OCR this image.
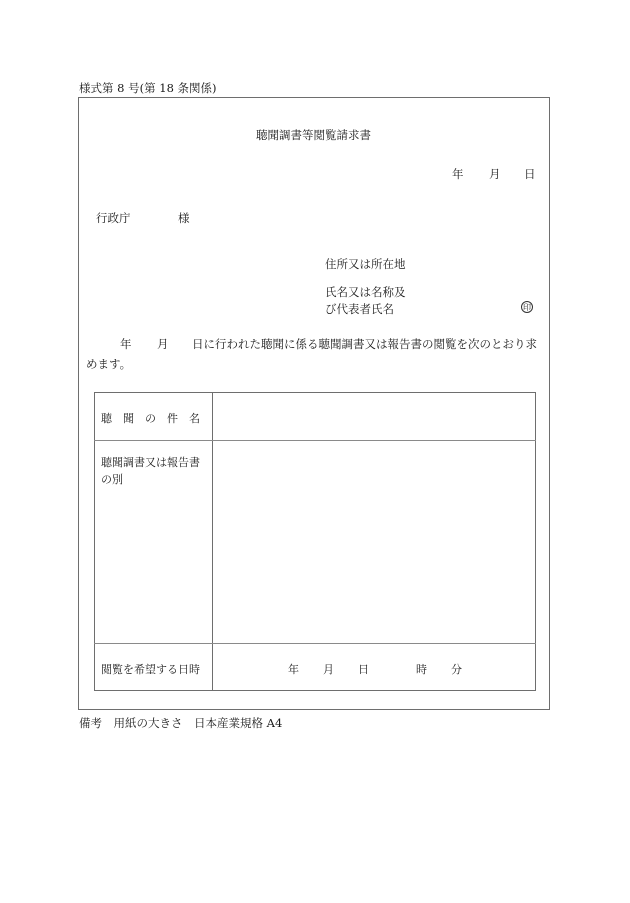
様式第 8 号(第 18 条関係)
聴聞調書等閲覧請求書
年 月 日
行政庁	様
住所又は所在地
氏名又は名称及
び代表者氏名	印
年 月 日に行われた聴聞に係る聴聞調書又は報告書の閲覧を次のとおり求
めます。
聴　聞　の　件　名
聴聞調書又は報告書
の別
閲覧を希望する日時	年 月 日	時 分
備考　用紙の大きさ　日本産業規格 A4
